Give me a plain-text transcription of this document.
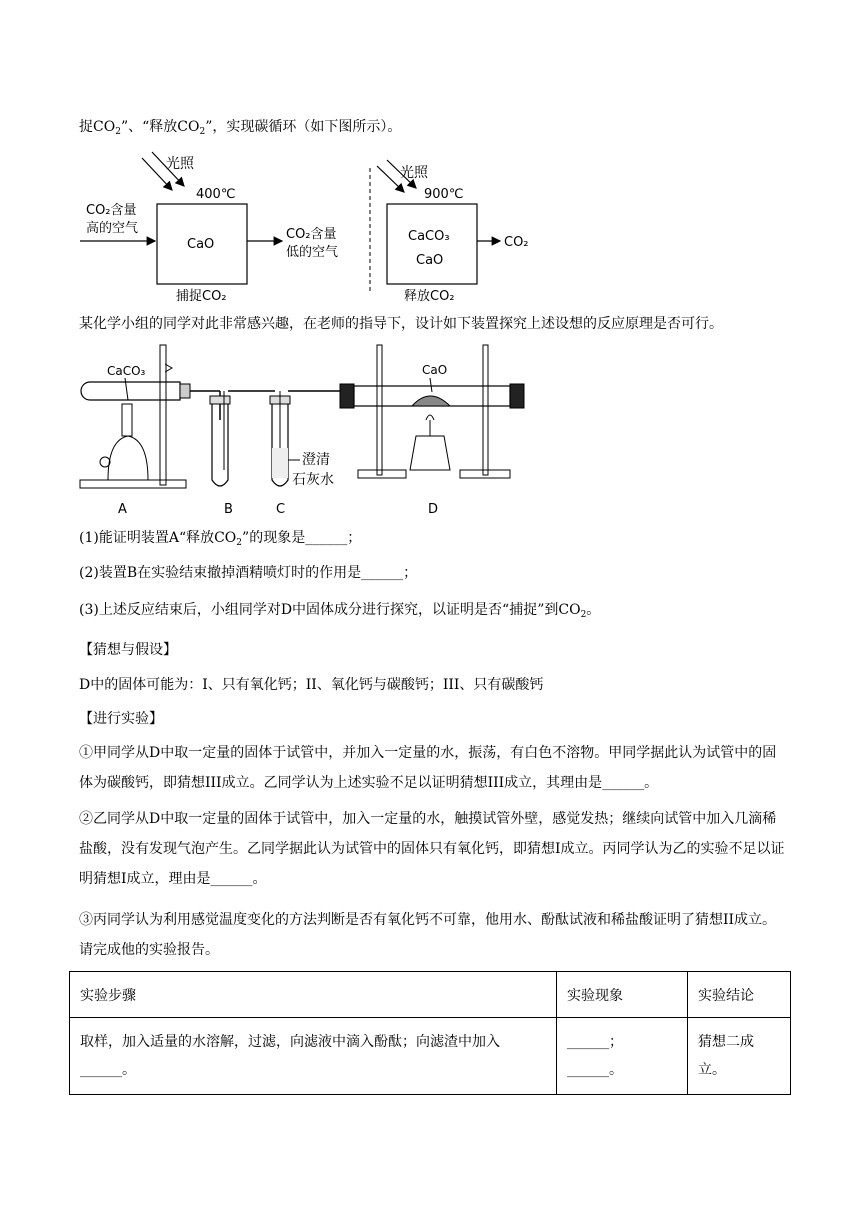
捉$CO_2$”、“释放$CO_2$”，实现碳循环（如下图所示）。
光照
400℃
CaO
CO₂含量
高的空气	CO₂含量
低的空气
捕捉CO₂
光照
900℃
CaCO₃
CaO
CO₂
释放CO₂
某化学小组的同学对此非常感兴趣，在老师的指导下，设计如下装置探究上述设想的反应原理是否可行。
CaCO₃
澄清
石灰水
CaO
A	B	C	D
(1)能证明装置A“释放$CO_2$”的现象是______；
(2)装置B在实验结束撤掉酒精喷灯时的作用是______；
(3)上述反应结束后，小组同学对D中固体成分进行探究，以证明是否“捕捉”到$CO_2$。
【猜想与假设】
D中的固体可能为：I、只有氧化钙；II、氧化钙与碳酸钙；III、只有碳酸钙
【进行实验】
①甲同学从D中取一定量的固体于试管中，并加入一定量的水，振荡，有白色不溶物。甲同学据此认为试管中的固体为碳酸钙，即猜想III成立。乙同学认为上述实验不足以证明猜想III成立，其理由是______。
②乙同学从D中取一定量的固体于试管中，加入一定量的水，触摸试管外壁，感觉发热；继续向试管中加入几滴稀盐酸，没有发现气泡产生。乙同学据此认为试管中的固体只有氧化钙，即猜想I成立。丙同学认为乙的实验不足以证明猜想I成立，理由是______。
③丙同学认为利用感觉温度变化的方法判断是否有氧化钙不可靠，他用水、酚酞试液和稀盐酸证明了猜想II成立。请完成他的实验报告。
实验步骤	实验现象	实验结论
取样，加入适量的水溶解，过滤，向滤液中滴入酚酞；向滤渣中加入______。	______；______。	猜想二成立。
